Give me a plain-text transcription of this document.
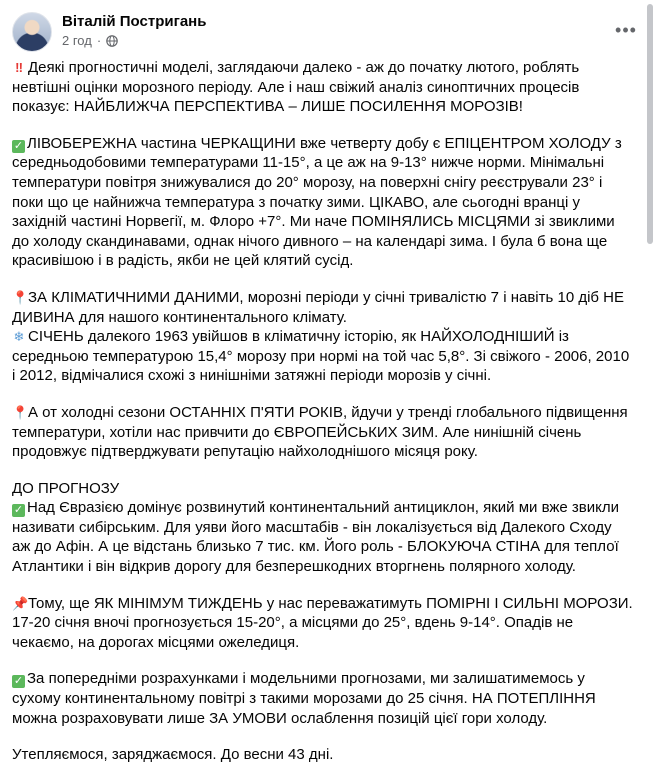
Віталій Постригань
2 год ·
•••

‼ Деякі прогностичні моделі, заглядаючи далеко - аж до початку лютого, роблять невтішні оцінки морозного періоду. Але і наш свіжий аналіз синоптичних процесів показує: НАЙБЛИЖЧА ПЕРСПЕКТИВА – ЛИШЕ ПОСИЛЕННЯ МОРОЗІВ!

✓ ЛІВОБЕРЕЖНА частина ЧЕРКАЩИНИ вже четверту добу є ЕПІЦЕНТРОМ ХОЛОДУ з середньодобовими температурами 11-15°, а це аж на 9-13° нижче норми. Мінімальні температури повітря знижувалися до 20° морозу, на поверхні снігу реєстрували 23° і поки що це найнижча температура з початку зими. ЦІКАВО, але сьогодні вранці у західній частині Норвегії, м. Флоро +7°. Ми наче ПОМІНЯЛИСЬ МІСЦЯМИ зі звиклими до холоду скандинавами, однак нічого дивного – на календарі зима. І була б вона ще красивішою і в радість, якби не цей клятий сусід.

📍ЗА КЛІМАТИЧНИМИ ДАНИМИ, морозні періоди у січні тривалістю 7 і навіть 10 діб НЕ ДИВИНА для нашого континентального клімату.

❄ СІЧЕНЬ далекого 1963 увійшов в кліматичну історію, як НАЙХОЛОДНІШИЙ із середньою температурою 15,4° морозу при нормі на той час 5,8°. Зі свіжого - 2006, 2010 і 2012, відмічалися схожі з нинішніми затяжні періоди морозів у січні.

📍А от холодні сезони ОСТАННІХ П'ЯТИ РОКІВ, йдучи у тренді глобального підвищення температури, хотіли нас привчити до ЄВРОПЕЙСЬКИХ ЗИМ. Але нинішній січень продовжує підтверджувати репутацію найхолоднішого місяця року.

ДО ПРОГНОЗУ

✓ Над Євразією домінує розвинутий континентальний антициклон, який ми вже звикли називати сибірським. Для уяви його масштабів - він локалізується від Далекого Сходу аж до Афін. А це відстань близько 7 тис. км. Його роль - БЛОКУЮЧА СТІНА для теплої Атлантики і він відкрив дорогу для безперешкодних вторгнень полярного холоду.

📌Тому, ще ЯК МІНІМУМ ТИЖДЕНЬ у нас переважатимуть ПОМІРНІ І СИЛЬНІ МОРОЗИ. 17-20 січня вночі прогнозується 15-20°, а місцями до 25°, вдень 9-14°. Опадів не чекаємо, на дорогах місцями ожеледиця.

✓ За попередніми розрахунками і модельними прогнозами, ми залишатимемось у сухому континентальному повітрі з такими морозами до 25 січня. НА ПОТЕПЛІННЯ можна розраховувати лише ЗА УМОВИ ослаблення позицій цієї гори холоду.

Утепляємося, заряджаємося. До весни 43 дні.
